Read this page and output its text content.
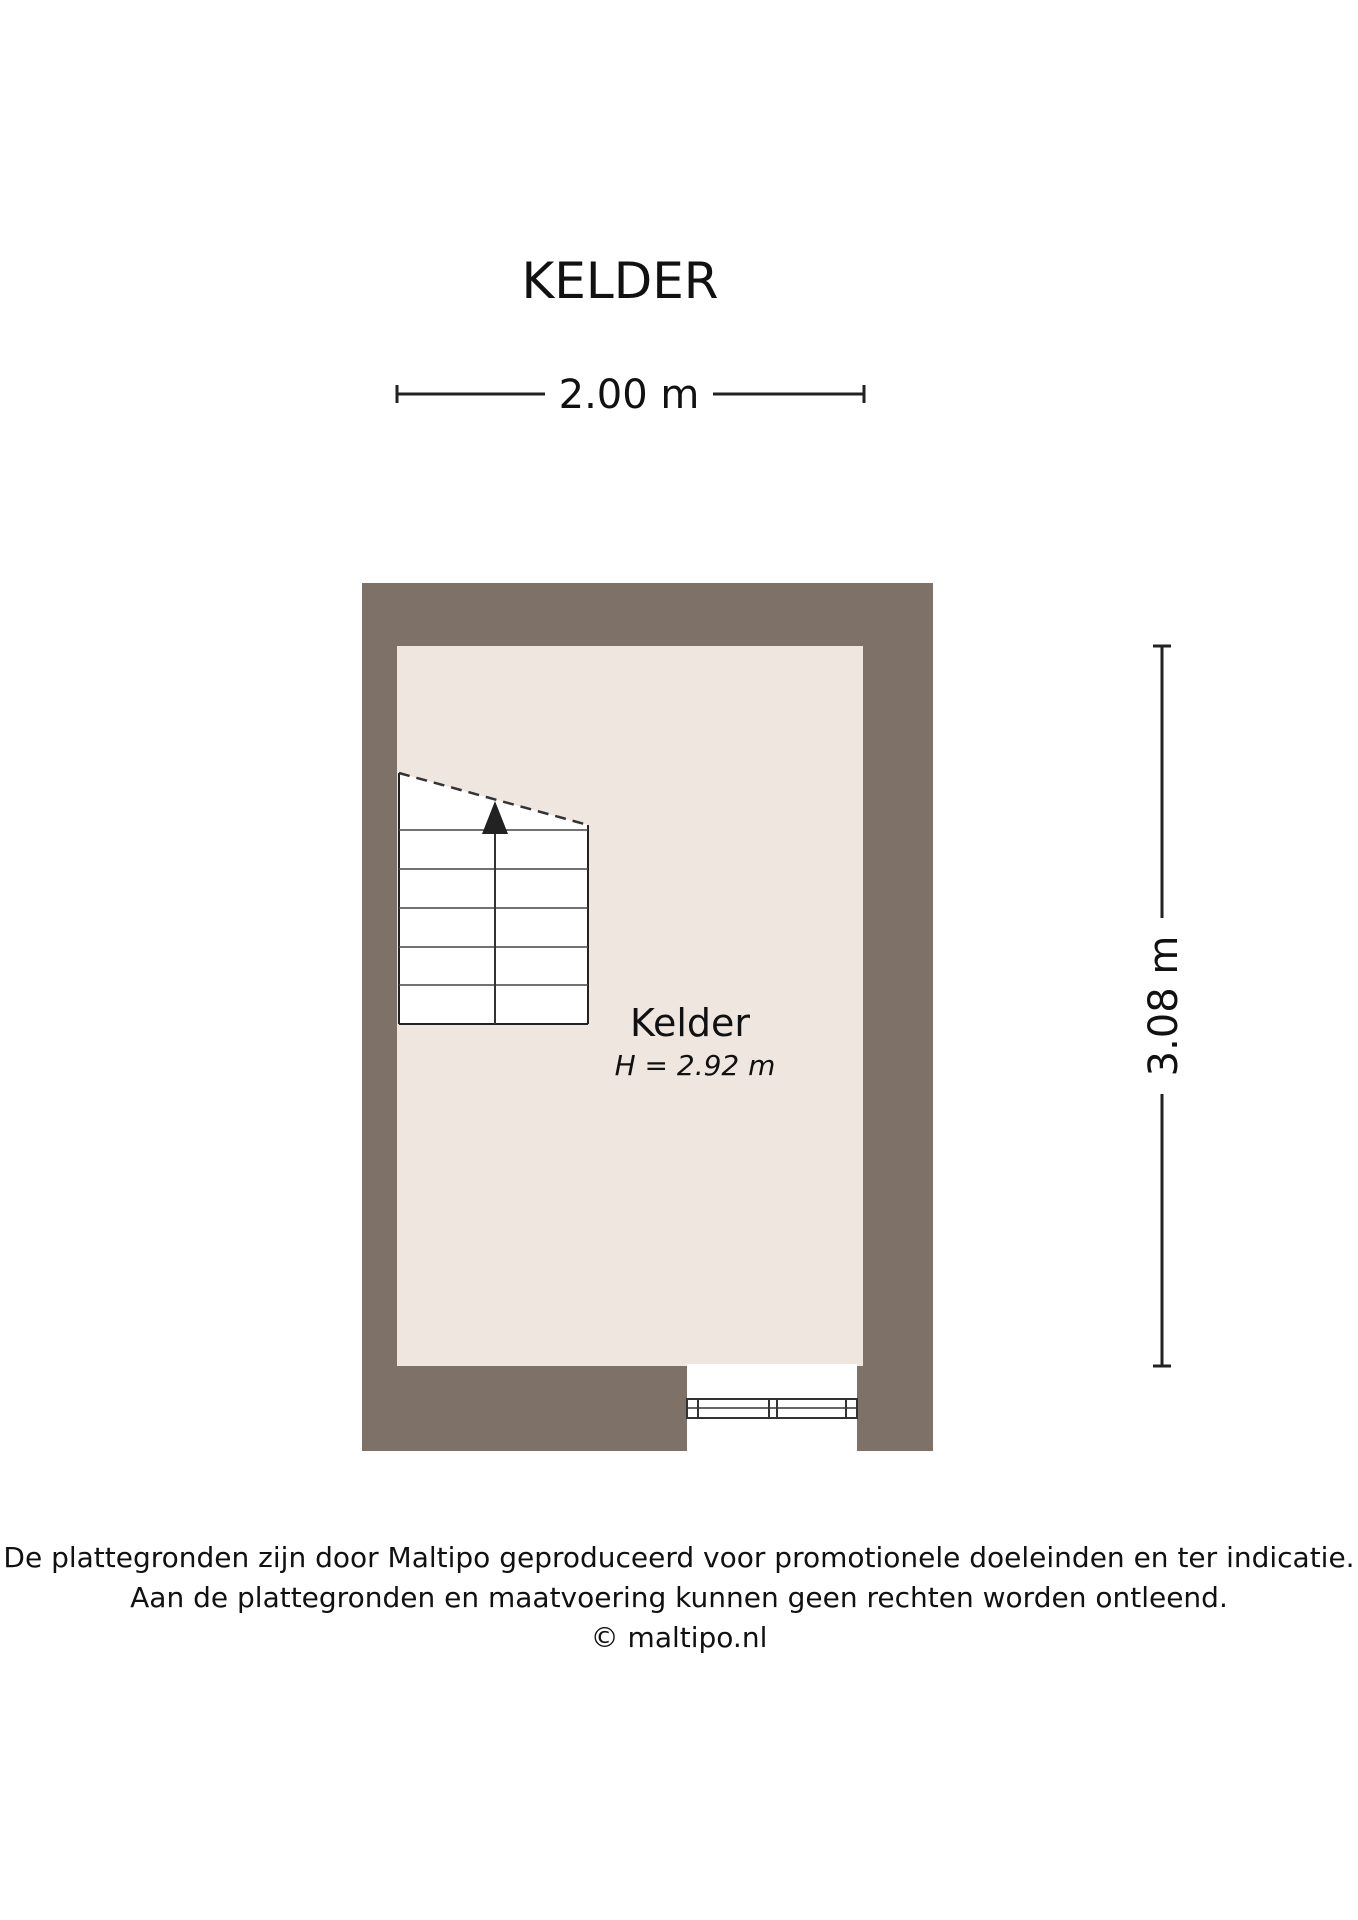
KELDER
2.00 m
Kelder
H = 2.92 m	3.08 m
De plattegronden zijn door Maltipo geproduceerd voor promotionele doeleinden en ter indicatie.
Aan de plattegronden en maatvoering kunnen geen rechten worden ontleend.
© maltipo.nl
